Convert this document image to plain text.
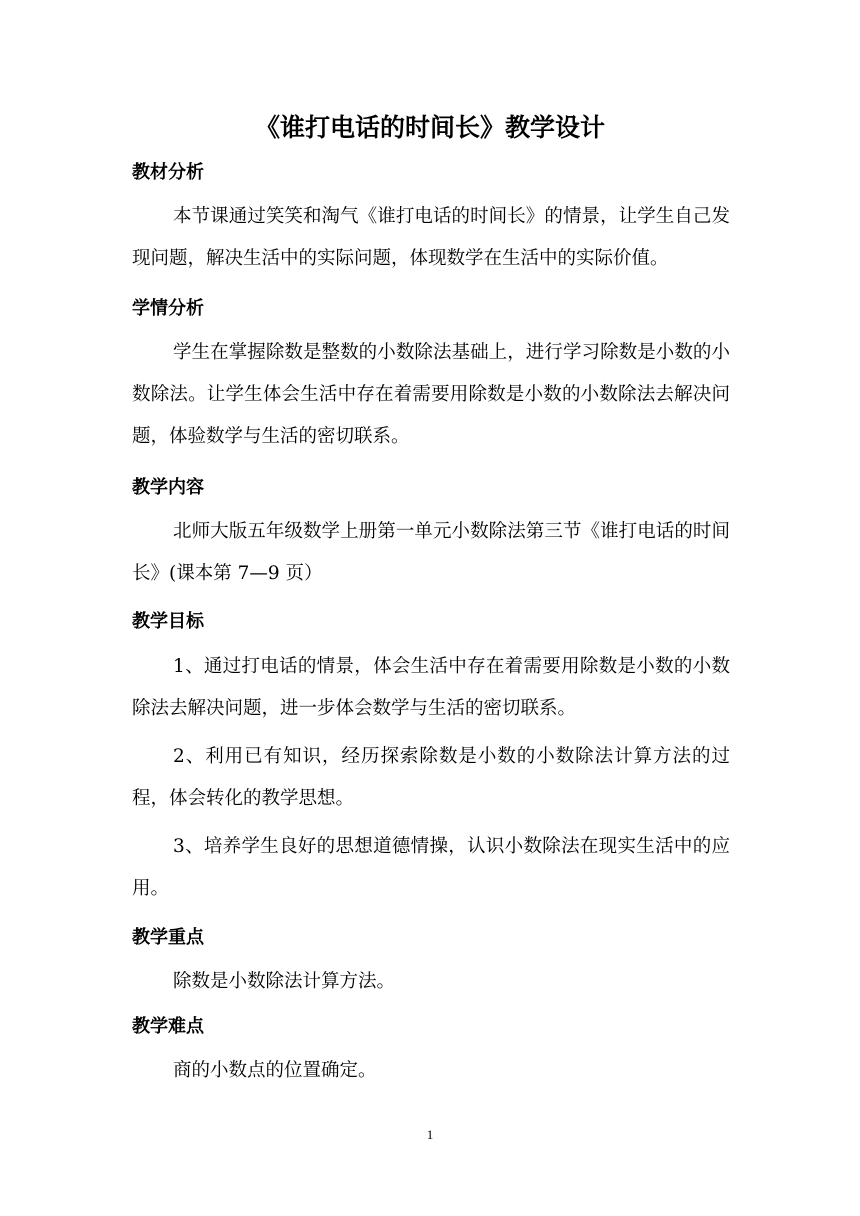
《谁打电话的时间长》教学设计
教材分析

本节课通过笑笑和淘气《谁打电话的时间长》的情景，让学生自己发现问题，解决生活中的实际问题，体现数学在生活中的实际价值。

学情分析

学生在掌握除数是整数的小数除法基础上，进行学习除数是小数的小数除法。让学生体会生活中存在着需要用除数是小数的小数除法去解决问题，体验数学与生活的密切联系。

教学内容

北师大版五年级数学上册第一单元小数除法第三节《谁打电话的时间长》(课本第 7—9 页）

教学目标

1、通过打电话的情景，体会生活中存在着需要用除数是小数的小数除法去解决问题，进一步体会数学与生活的密切联系。

2、利用已有知识，经历探索除数是小数的小数除法计算方法的过程，体会转化的教学思想。

3、培养学生良好的思想道德情操，认识小数除法在现实生活中的应用。

教学重点

除数是小数除法计算方法。

教学难点

商的小数点的位置确定。

1
